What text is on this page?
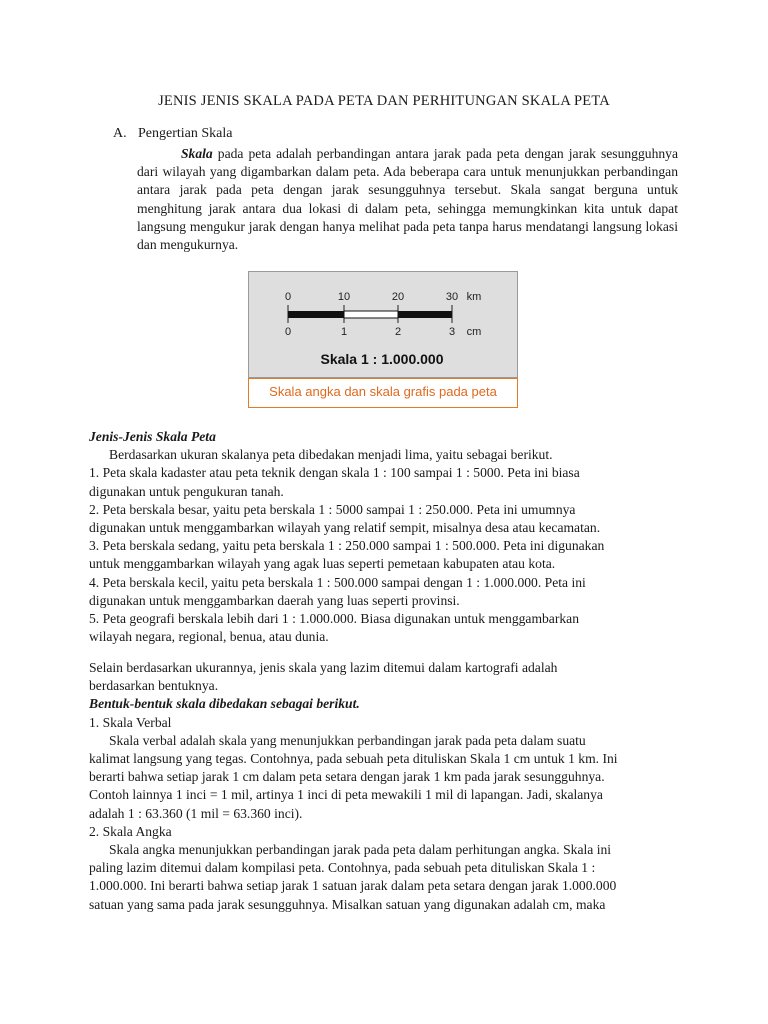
JENIS JENIS SKALA PADA PETA DAN PERHITUNGAN SKALA PETA
A. Pengertian Skala
Skala pada peta adalah perbandingan antara jarak pada peta dengan jarak sesungguhnya dari wilayah yang digambarkan dalam peta. Ada beberapa cara untuk menunjukkan perbandingan antara jarak pada peta dengan jarak sesungguhnya tersebut. Skala sangat berguna untuk menghitung jarak antara dua lokasi di dalam peta, sehingga memungkinkan kita untuk dapat langsung mengukur jarak dengan hanya melihat pada peta tanpa harus mendatangi langsung lokasi dan mengukurnya.
0	10	20	30 km
0	1	2	3 cm
Skala 1 : 1.000.000
Skala angka dan skala grafis pada peta

Jenis-Jenis Skala Peta

Berdasarkan ukuran skalanya peta dibedakan menjadi lima, yaitu sebagai berikut.

1. Peta skala kadaster atau peta teknik dengan skala 1 : 100 sampai 1 : 5000. Peta ini biasa

digunakan untuk pengukuran tanah.

2. Peta berskala besar, yaitu peta berskala 1 : 5000 sampai 1 : 250.000. Peta ini umumnya

digunakan untuk menggambarkan wilayah yang relatif sempit, misalnya desa atau kecamatan.

3. Peta berskala sedang, yaitu peta berskala 1 : 250.000 sampai 1 : 500.000. Peta ini digunakan

untuk menggambarkan wilayah yang agak luas seperti pemetaan kabupaten atau kota.

4. Peta berskala kecil, yaitu peta berskala 1 : 500.000 sampai dengan 1 : 1.000.000. Peta ini

digunakan untuk menggambarkan daerah yang luas seperti provinsi.

5. Peta geografi berskala lebih dari 1 : 1.000.000. Biasa digunakan untuk menggambarkan

wilayah negara, regional, benua, atau dunia.

Selain berdasarkan ukurannya, jenis skala yang lazim ditemui dalam kartografi adalah

berdasarkan bentuknya.

Bentuk-bentuk skala dibedakan sebagai berikut.

1. Skala Verbal

Skala verbal adalah skala yang menunjukkan perbandingan jarak pada peta dalam suatu

kalimat langsung yang tegas. Contohnya, pada sebuah peta dituliskan Skala 1 cm untuk 1 km. Ini

berarti bahwa setiap jarak 1 cm dalam peta setara dengan jarak 1 km pada jarak sesungguhnya.

Contoh lainnya 1 inci = 1 mil, artinya 1 inci di peta mewakili 1 mil di lapangan. Jadi, skalanya

adalah 1 : 63.360 (1 mil = 63.360 inci).

2. Skala Angka

Skala angka menunjukkan perbandingan jarak pada peta dalam perhitungan angka. Skala ini

paling lazim ditemui dalam kompilasi peta. Contohnya, pada sebuah peta dituliskan Skala 1 :

1.000.000. Ini berarti bahwa setiap jarak 1 satuan jarak dalam peta setara dengan jarak 1.000.000

satuan yang sama pada jarak sesungguhnya. Misalkan satuan yang digunakan adalah cm, maka
